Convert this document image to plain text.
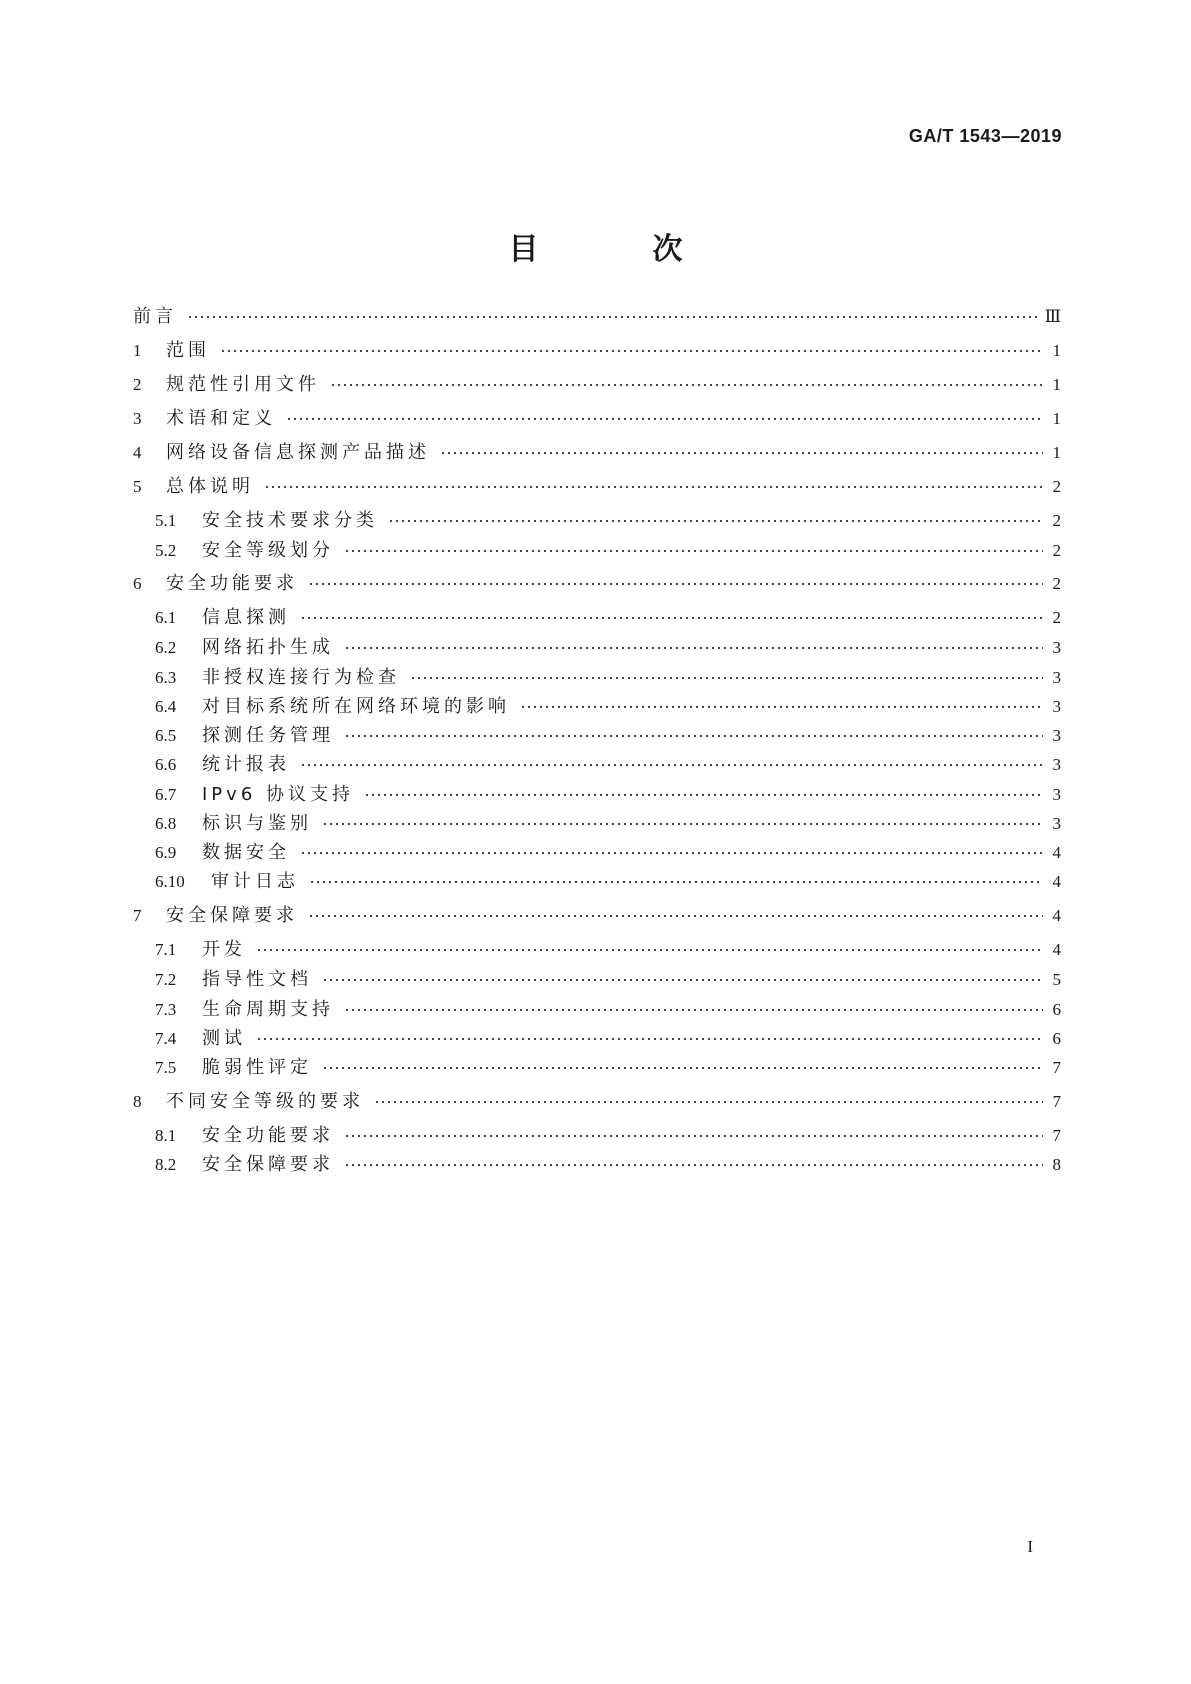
GA/T 1543—2019
目　次
前言	Ⅲ
1	范围	1
2	规范性引用文件	1
3	术语和定义	1
4	网络设备信息探测产品描述	1
5	总体说明	2
5.1	安全技术要求分类	2
5.2	安全等级划分	2
6	安全功能要求	2
6.1	信息探测	2
6.2	网络拓扑生成	3
6.3	非授权连接行为检查	3
6.4	对目标系统所在网络环境的影响	3
6.5	探测任务管理	3
6.6	统计报表	3
6.7	IPv6 协议支持	3
6.8	标识与鉴别	3
6.9	数据安全	4
6.10	审计日志	4
7	安全保障要求	4
7.1	开发	4
7.2	指导性文档	5
7.3	生命周期支持	6
7.4	测试	6
7.5	脆弱性评定	7
8	不同安全等级的要求	7
8.1	安全功能要求	7
8.2	安全保障要求	8
I
